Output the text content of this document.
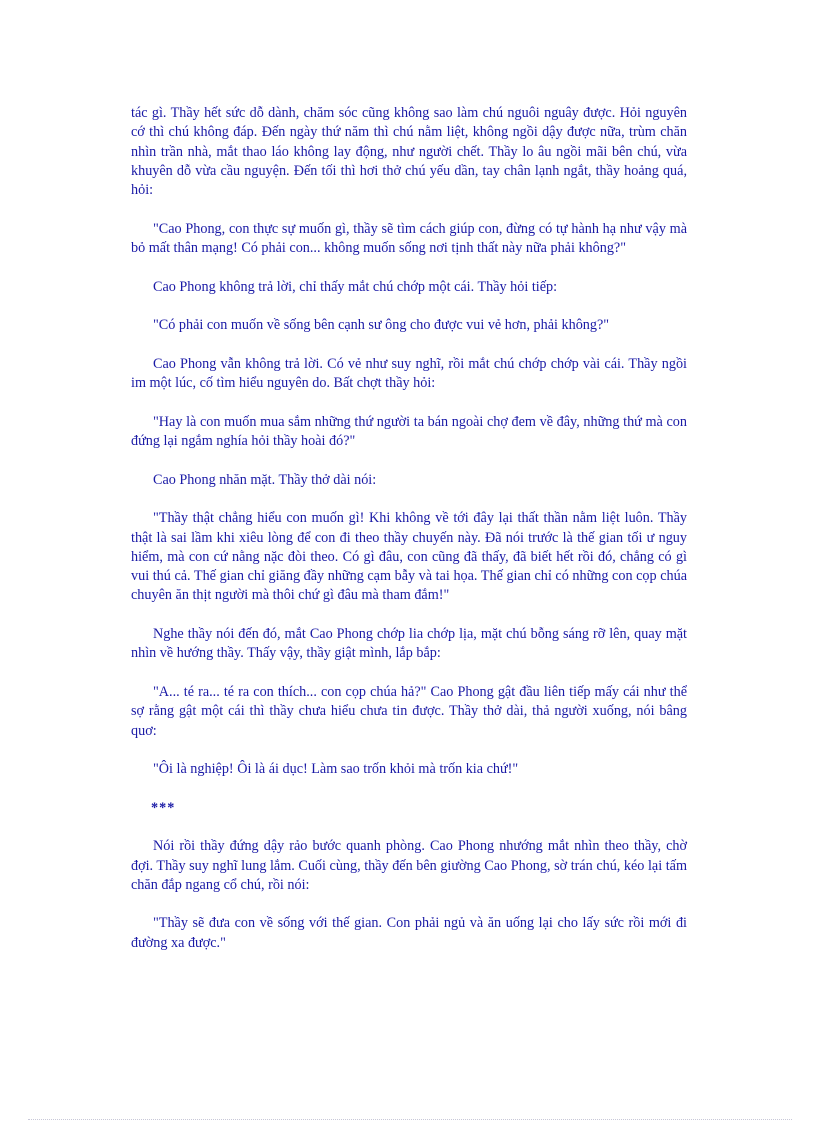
tác gì. Thầy hết sức dỗ dành, chăm sóc cũng không sao làm chú nguôi nguây được. Hỏi nguyên cớ thì chú không đáp. Đến ngày thứ năm thì chú nằm liệt, không ngồi dậy được nữa, trùm chăn nhìn trần nhà, mắt thao láo không lay động, như người chết. Thầy lo âu ngồi mãi bên chú, vừa khuyên dỗ vừa cầu nguyện. Đến tối thì hơi thở chú yếu dần, tay chân lạnh ngắt, thầy hoảng quá, hỏi:

"Cao Phong, con thực sự muốn gì, thầy sẽ tìm cách giúp con, đừng có tự hành hạ như vậy mà bỏ mất thân mạng! Có phải con... không muốn sống nơi tịnh thất này nữa phải không?"

Cao Phong không trả lời, chỉ thấy mắt chú chớp một cái. Thầy hỏi tiếp:

"Có phải con muốn về sống bên cạnh sư ông cho được vui vẻ hơn, phải không?"

Cao Phong vẫn không trả lời. Có vẻ như suy nghĩ, rồi mắt chú chớp chớp vài cái. Thầy ngồi im một lúc, cố tìm hiểu nguyên do. Bất chợt thầy hỏi:

"Hay là con muốn mua sắm những thứ người ta bán ngoài chợ đem về đây, những thứ mà con đứng lại ngắm nghía hỏi thầy hoài đó?"

Cao Phong nhăn mặt. Thầy thở dài nói:

"Thầy thật chẳng hiểu con muốn gì! Khi không về tới đây lại thất thần nằm liệt luôn. Thầy thật là sai lầm khi xiêu lòng để con đi theo thầy chuyến này. Đã nói trước là thế gian tối ư nguy hiểm, mà con cứ nằng nặc đòi theo. Có gì đâu, con cũng đã thấy, đã biết hết rồi đó, chẳng có gì vui thú cả. Thế gian chỉ giăng đầy những cạm bẫy và tai họa. Thế gian chỉ có những con cọp chúa chuyên ăn thịt người mà thôi chứ gì đâu mà tham đắm!"

Nghe thầy nói đến đó, mắt Cao Phong chớp lia chớp lịa, mặt chú bỗng sáng rỡ lên, quay mặt nhìn về hướng thầy. Thấy vậy, thầy giật mình, lắp bắp:

"A... té ra... té ra con thích... con cọp chúa hả?" Cao Phong gật đầu liên tiếp mấy cái như thể sợ rằng gật một cái thì thầy chưa hiểu chưa tin được. Thầy thở dài, thả người xuống, nói bâng quơ:

"Ôi là nghiệp! Ôi là ái dục! Làm sao trốn khỏi mà trốn kia chứ!"

***

Nói rồi thầy đứng dậy rảo bước quanh phòng. Cao Phong nhướng mắt nhìn theo thầy, chờ đợi. Thầy suy nghĩ lung lắm. Cuối cùng, thầy đến bên giường Cao Phong, sờ trán chú, kéo lại tấm chăn đắp ngang cổ chú, rồi nói:

"Thầy sẽ đưa con về sống với thế gian. Con phải ngủ và ăn uống lại cho lấy sức rồi mới đi đường xa được."
